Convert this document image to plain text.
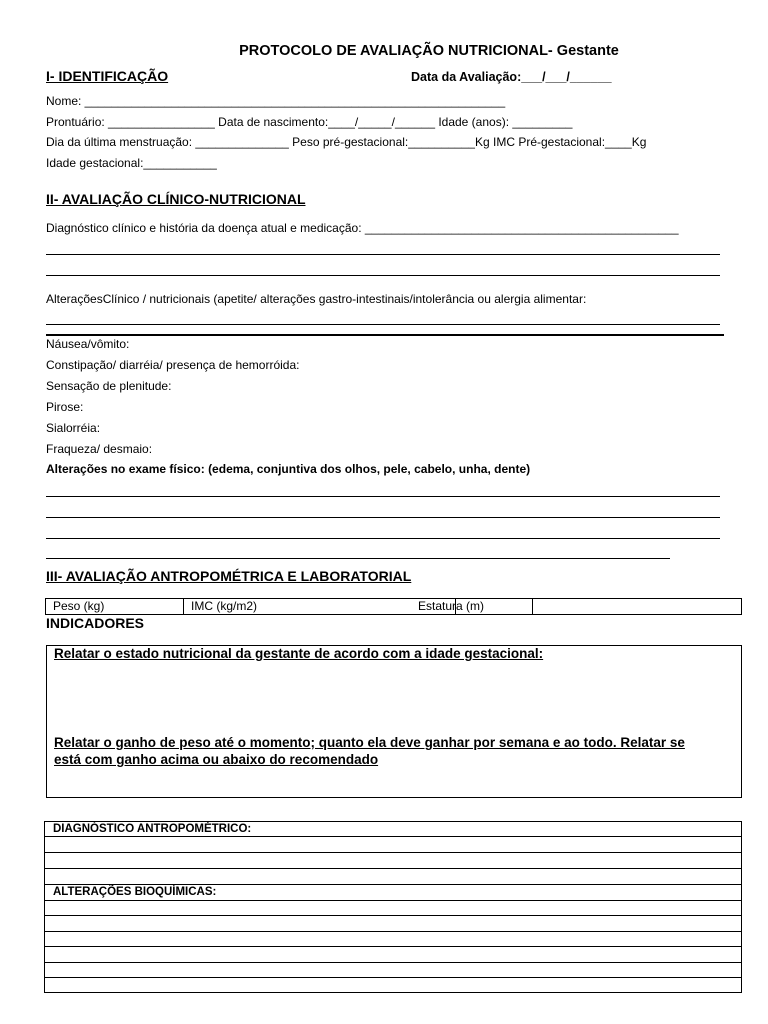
PROTOCOLO DE AVALIAÇÃO NUTRICIONAL- Gestante
I- IDENTIFICAÇÃO	Data da Avaliação:___/___/______
Nome: _______________________________________________________________
Prontuário: ________________ Data de nascimento:____/_____/______ Idade (anos): _________
Dia da última menstruação: ______________ Peso pré-gestacional:__________Kg IMC Pré-gestacional:____Kg
Idade gestacional:___________
II- AVALIAÇÃO CLÍNICO-NUTRICIONAL
Diagnóstico clínico e história da doença atual e medicação: _______________________________________________
AlteraçõesClínico / nutricionais (apetite/ alterações gastro-intestinais/intolerância ou alergia alimentar:
Náusea/vômito:
Constipação/ diarréia/ presença de hemorróida:
Sensação de plenitude:
Pirose:
Sialorréia:
Fraqueza/ desmaio:
Alterações no exame físico: (edema, conjuntiva dos olhos, pele, cabelo, unha, dente)
III- AVALIAÇÃO ANTROPOMÉTRICA E LABORATORIAL
Peso (kg)	IMC (kg/m2)	Estatura (m)
INDICADORES
Relatar o estado nutricional da gestante de acordo com a idade gestacional:
Relatar o ganho de peso até o momento; quanto ela deve ganhar por semana e ao todo. Relatar se
está com ganho acima ou abaixo do recomendado
DIAGNÓSTICO ANTROPOMÉTRICO:
ALTERAÇÕES BIOQUÍMICAS:
